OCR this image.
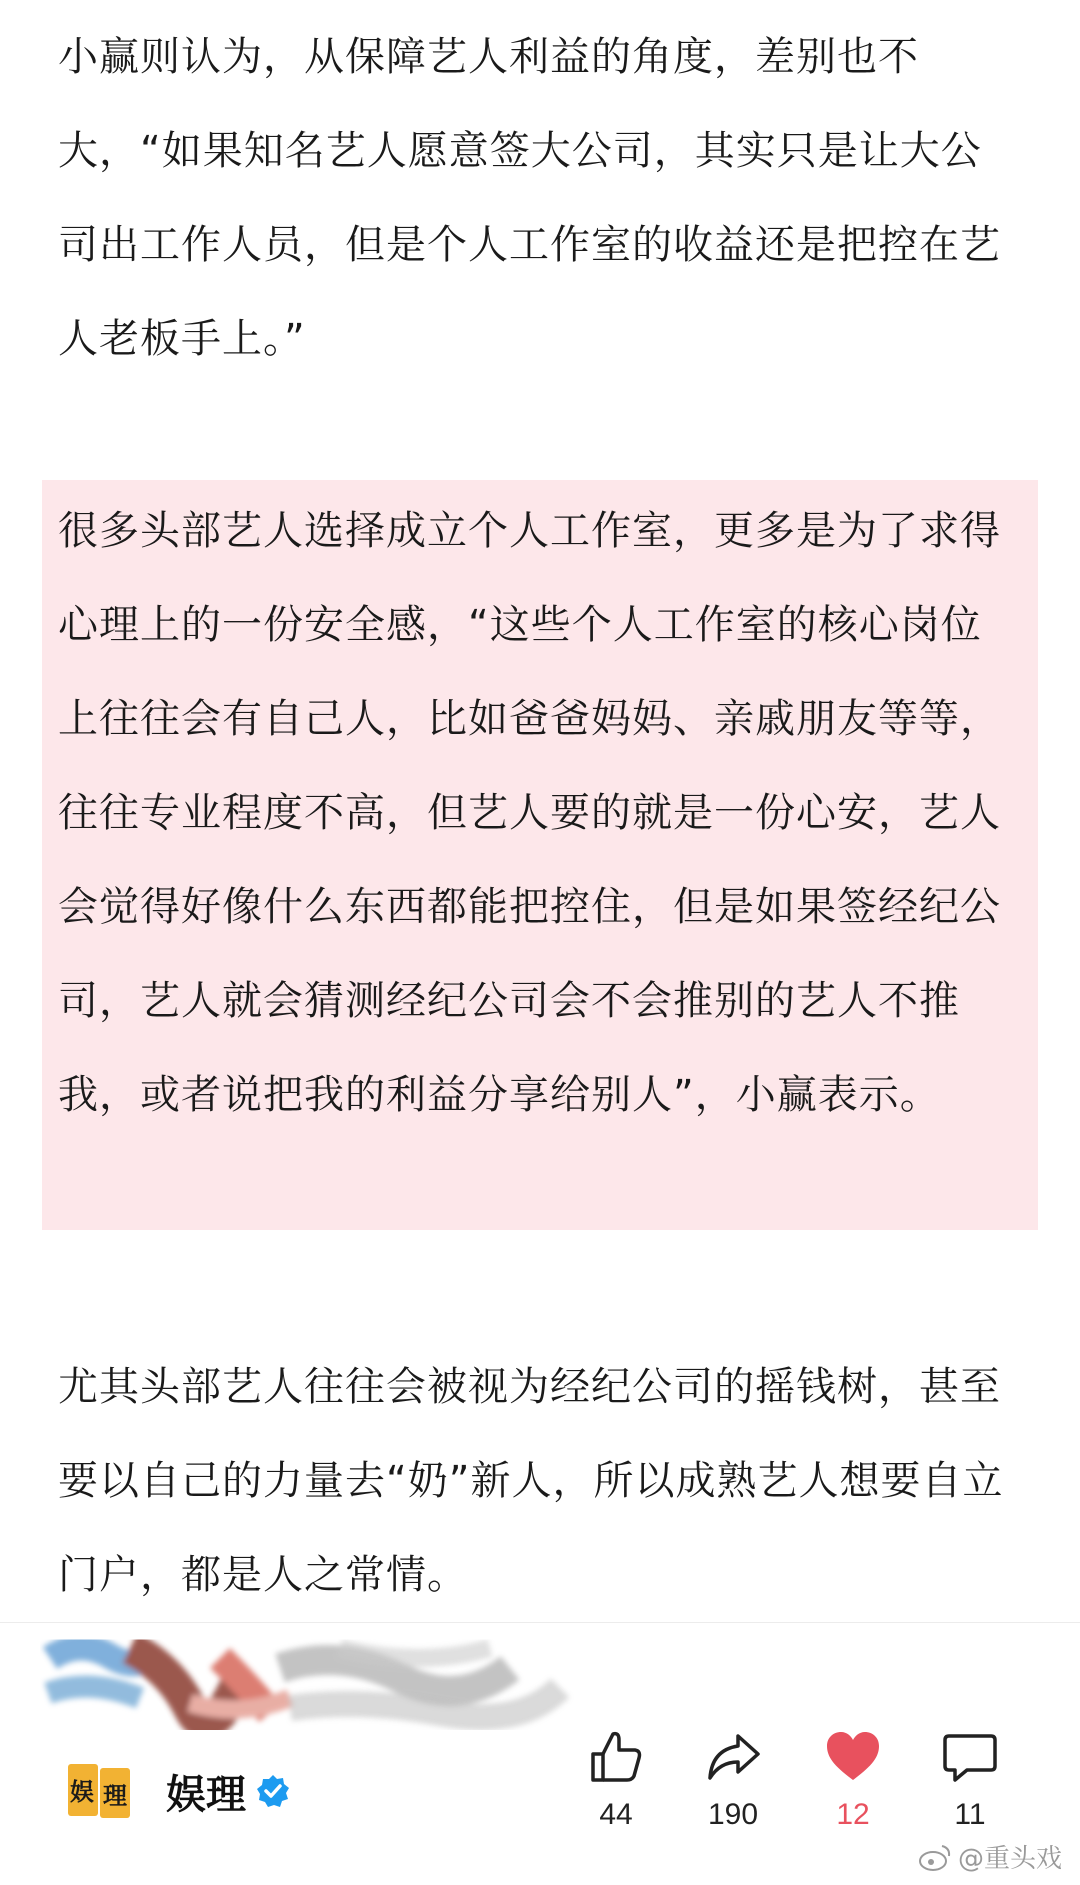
小赢则认为，从保障艺人利益的角度，差别也不大，“如果知名艺人愿意签大公司，其实只是让大公司出工作人员，但是个人工作室的收益还是把控在艺人老板手上。”

很多头部艺人选择成立个人工作室，更多是为了求得心理上的一份安全感，“这些个人工作室的核心岗位上往往会有自己人，比如爸爸妈妈、亲戚朋友等等，往往专业程度不高，但艺人要的就是一份心安，艺人会觉得好像什么东西都能把控住，但是如果签经纪公司，艺人就会猜测经纪公司会不会推别的艺人不推我，或者说把我的利益分享给别人”，小赢表示。

尤其头部艺人往往会被视为经纪公司的摇钱树，甚至要以自己的力量去“奶”新人，所以成熟艺人想要自立门户，都是人之常情。

娱 理 娱理	44	190	12	11
@重头戏
